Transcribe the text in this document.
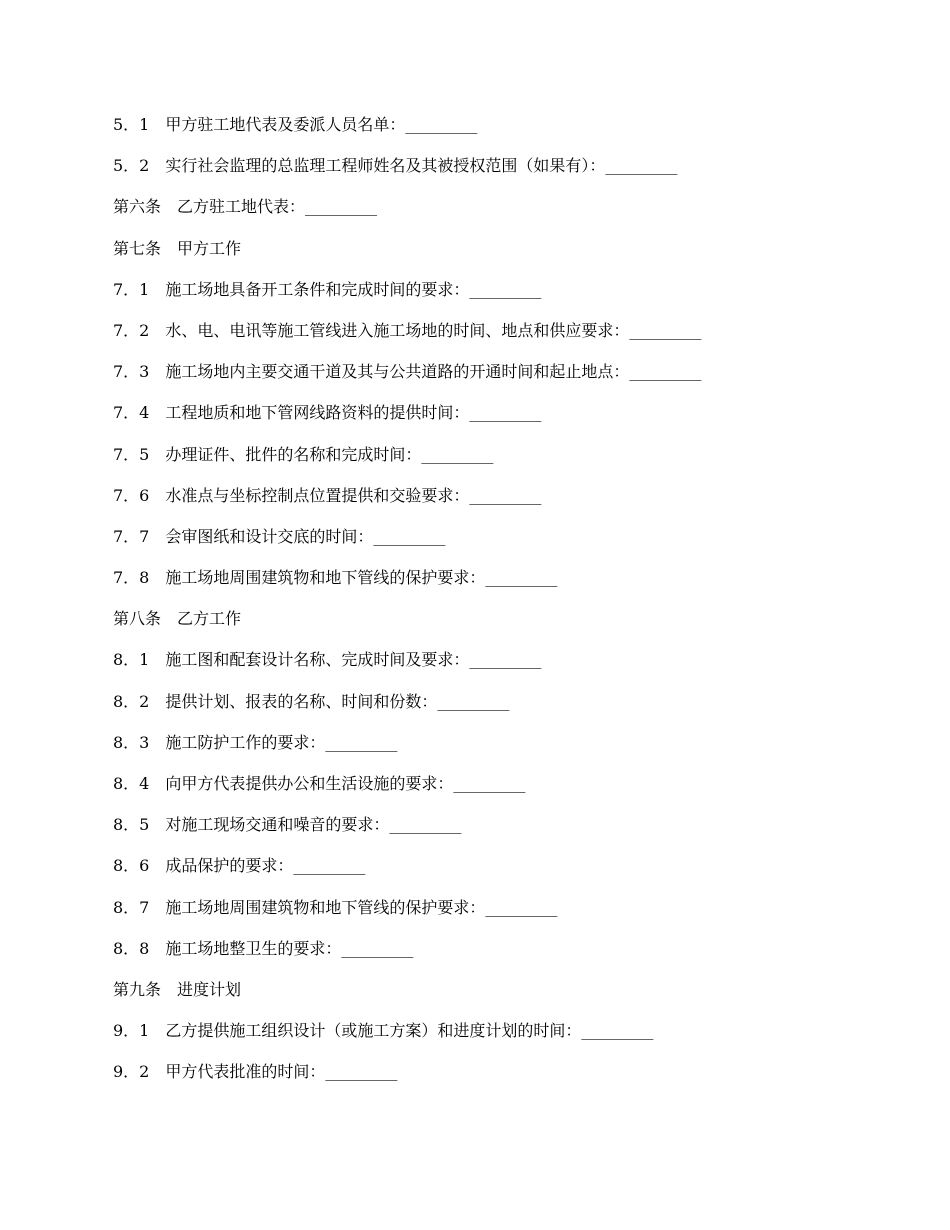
5．1　甲方驻工地代表及委派人员名单：_________
5．2　实行社会监理的总监理工程师姓名及其被授权范围（如果有）：_________
第六条　乙方驻工地代表：_________
第七条　甲方工作
7．1　施工场地具备开工条件和完成时间的要求：_________
7．2　水、电、电讯等施工管线进入施工场地的时间、地点和供应要求：_________
7．3　施工场地内主要交通干道及其与公共道路的开通时间和起止地点：_________
7．4　工程地质和地下管网线路资料的提供时间：_________
7．5　办理证件、批件的名称和完成时间：_________
7．6　水准点与坐标控制点位置提供和交验要求：_________
7．7　会审图纸和设计交底的时间：_________
7．8　施工场地周围建筑物和地下管线的保护要求：_________
第八条　乙方工作
8．1　施工图和配套设计名称、完成时间及要求：_________
8．2　提供计划、报表的名称、时间和份数：_________
8．3　施工防护工作的要求：_________
8．4　向甲方代表提供办公和生活设施的要求：_________
8．5　对施工现场交通和噪音的要求：_________
8．6　成品保护的要求：_________
8．7　施工场地周围建筑物和地下管线的保护要求：_________
8．8　施工场地整卫生的要求：_________
第九条　进度计划
9．1　乙方提供施工组织设计（或施工方案）和进度计划的时间：_________
9．2　甲方代表批准的时间：_________
